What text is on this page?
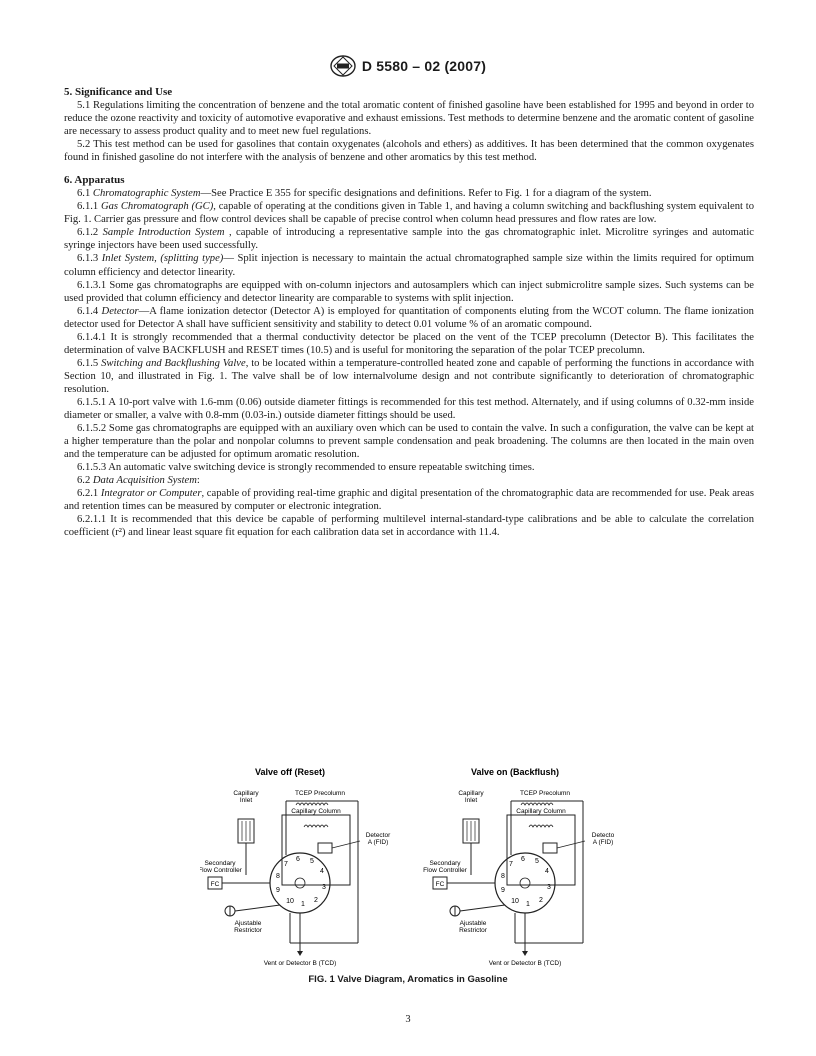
D 5580 – 02 (2007)
5. Significance and Use

5.1 Regulations limiting the concentration of benzene and the total aromatic content of finished gasoline have been established for 1995 and beyond in order to reduce the ozone reactivity and toxicity of automotive evaporative and exhaust emissions. Test methods to determine benzene and the aromatic content of gasoline are necessary to assess product quality and to meet new fuel regulations.

5.2 This test method can be used for gasolines that contain oxygenates (alcohols and ethers) as additives. It has been determined that the common oxygenates found in finished gasoline do not interfere with the analysis of benzene and other aromatics by this test method.

6. Apparatus

6.1 Chromatographic System—See Practice E 355 for specific designations and definitions. Refer to Fig. 1 for a diagram of the system.

6.1.1 Gas Chromatograph (GC), capable of operating at the conditions given in Table 1, and having a column switching and backflushing system equivalent to Fig. 1. Carrier gas pressure and flow control devices shall be capable of precise control when column head pressures and flow rates are low.

6.1.2 Sample Introduction System , capable of introducing a representative sample into the gas chromatographic inlet. Microlitre syringes and automatic syringe injectors have been used successfully.

6.1.3 Inlet System, (splitting type)— Split injection is necessary to maintain the actual chromatographed sample size within the limits required for optimum column efficiency and detector linearity.

6.1.3.1 Some gas chromatographs are equipped with on-column injectors and autosamplers which can inject submicrolitre sample sizes. Such systems can be used provided that column efficiency and detector linearity are comparable to systems with split injection.

6.1.4 Detector—A flame ionization detector (Detector A) is employed for quantitation of components eluting from the WCOT column. The flame ionization detector used for Detector A shall have sufficient sensitivity and stability to detect 0.01 volume % of an aromatic compound.

6.1.4.1 It is strongly recommended that a thermal conductivity detector be placed on the vent of the TCEP precolumn (Detector B). This facilitates the determination of valve BACKFLUSH and RESET times (10.5) and is useful for monitoring the separation of the polar TCEP precolumn.

6.1.5 Switching and Backflushing Valve, to be located within a temperature-controlled heated zone and capable of performing the functions in accordance with Section 10, and illustrated in Fig. 1. The valve shall be of low internalvolume design and not contribute significantly to deterioration of chromatographic resolution.

6.1.5.1 A 10-port valve with 1.6-mm (0.06) outside diameter fittings is recommended for this test method. Alternately, and if using columns of 0.32-mm inside diameter or smaller, a valve with 0.8-mm (0.03-in.) outside diameter fittings should be used.

6.1.5.2 Some gas chromatographs are equipped with an auxiliary oven which can be used to contain the valve. In such a configuration, the valve can be kept at a higher temperature than the polar and nonpolar columns to prevent sample condensation and peak broadening. The columns are then located in the main oven and the temperature can be adjusted for optimum aromatic resolution.

6.1.5.3 An automatic valve switching device is strongly recommended to ensure repeatable switching times.

6.2 Data Acquisition System:

6.2.1 Integrator or Computer, capable of providing real-time graphic and digital presentation of the chromatographic data are recommended for use. Peak areas and retention times can be measured by computer or electronic integration.

6.2.1.1 It is recommended that this device be capable of performing multilevel internal-standard-type calibrations and be able to calculate the correlation coefficient (r²) and linear least square fit equation for each calibration data set in accordance with 11.4.

Valve off (Reset)
Capillary
Inlet
TCEP Precolumn
Capillary Column
Detector
A (FID)
Secondary
Flow Controller
FC
Ajustable
Restrictor
Vent or Detector B (TCD)
1
2
3
4
5
6
7
8
9
10
Valve on (Backflush)
Capillary
Inlet
TCEP Precolumn
Capillary Column
Detecto
A (FID)
Secondary
Flow Controller
FC
Ajustable
Restrictor
Vent or Detector B (TCD)
1
2
3
4
5
6
7
8
9
10
FIG. 1 Valve Diagram, Aromatics in Gasoline
3
